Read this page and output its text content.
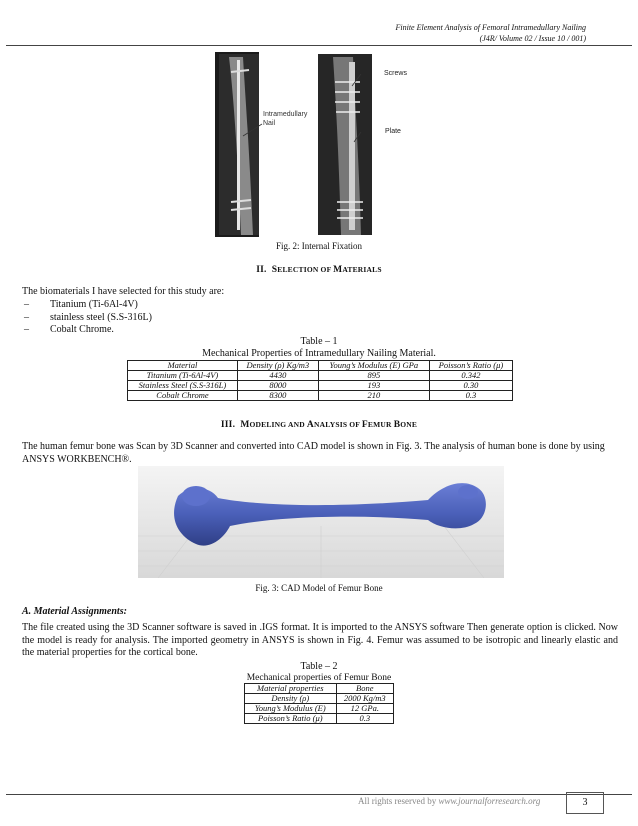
Finite Element Analysis of Femoral Intramedullary Nailing
(J4R/ Volume 02 / Issue 10 / 001)
Intramedullary
Nail
Screws
Plate
Fig. 2: Internal Fixation
II. SELECTION OF MATERIALS
The biomaterials I have selected for this study are:
– Titanium (Ti-6Al-4V)
– stainless steel (S.S-316L)
– Cobalt Chrome.
Table – 1
Mechanical Properties of Intramedullary Nailing Material.
Material	Density (ρ) Kg/m3	Young’s Modulus (E) GPa	Poisson’s Ratio (μ)
Titanium (Ti-6Al-4V)	4430	895	0.342
Stainless Steel (S.S-316L)	8000	193	0.30
Cobalt Chrome	8300	210	0.3
III. MODELING AND ANALYSIS OF FEMUR BONE
The human femur bone was Scan by 3D Scanner and converted into CAD model is shown in Fig. 3. The analysis of human bone is done by using ANSYS WORKBENCH®.
Fig. 3: CAD Model of Femur Bone
A. Material Assignments:
The file created using the 3D Scanner software is saved in .IGS format. It is imported to the ANSYS software Then generate option is clicked. Now the model is ready for analysis. The imported geometry in ANSYS is shown in Fig. 4. Femur was assumed to be isotropic and linearly elastic and the material properties for the cortical bone.
Table – 2
Mechanical properties of Femur Bone
Material properties	Bone
Density (ρ)	2000 Kg/m3
Young’s Modulus (E)	12 GPa.
Poisson’s Ratio (μ)	0.3
All rights reserved by www.journalforresearch.org	3
